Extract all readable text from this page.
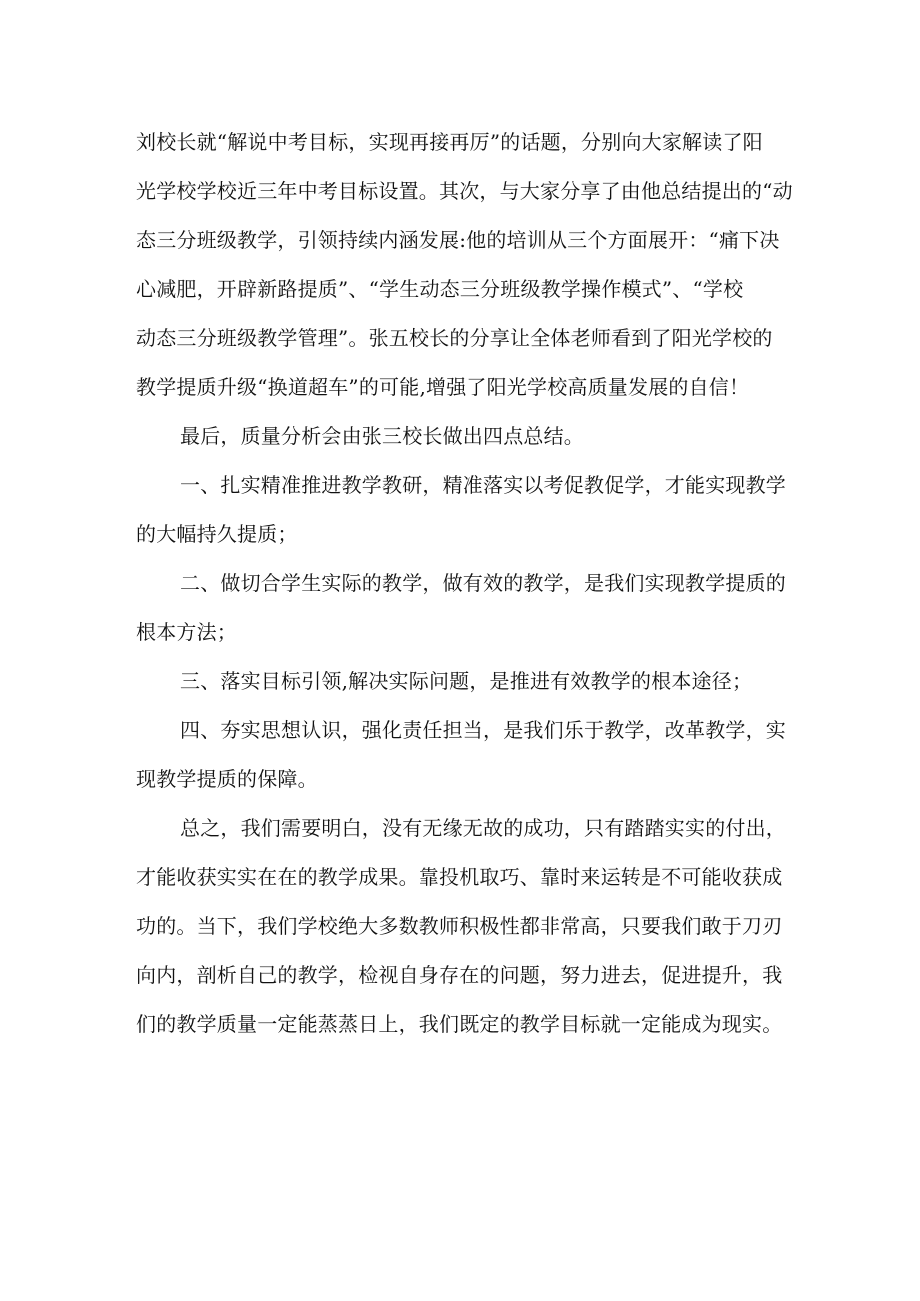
刘校长就“解说中考目标，实现再接再厉”的话题，分别向大家解读了阳
光学校学校近三年中考目标设置。其次，与大家分享了由他总结提出的“动
态三分班级教学，引领持续内涵发展:他的培训从三个方面展开：“痛下决
心减肥，开辟新路提质”、“学生动态三分班级教学操作模式”、“学校
动态三分班级教学管理”。张五校长的分享让全体老师看到了阳光学校的
教学提质升级“换道超车”的可能,增强了阳光学校高质量发展的自信！
最后，质量分析会由张三校长做出四点总结。
一、扎实精准推进教学教研，精准落实以考促教促学，才能实现教学
的大幅持久提质；
二、做切合学生实际的教学，做有效的教学，是我们实现教学提质的
根本方法；
三、落实目标引领,解决实际问题，是推进有效教学的根本途径；
四、夯实思想认识，强化责任担当，是我们乐于教学，改革教学，实
现教学提质的保障。
总之，我们需要明白，没有无缘无故的成功，只有踏踏实实的付出，
才能收获实实在在的教学成果。靠投机取巧、靠时来运转是不可能收获成
功的。当下，我们学校绝大多数教师积极性都非常高，只要我们敢于刀刃
向内，剖析自己的教学，检视自身存在的问题，努力进去，促进提升，我
们的教学质量一定能蒸蒸日上，我们既定的教学目标就一定能成为现实。
